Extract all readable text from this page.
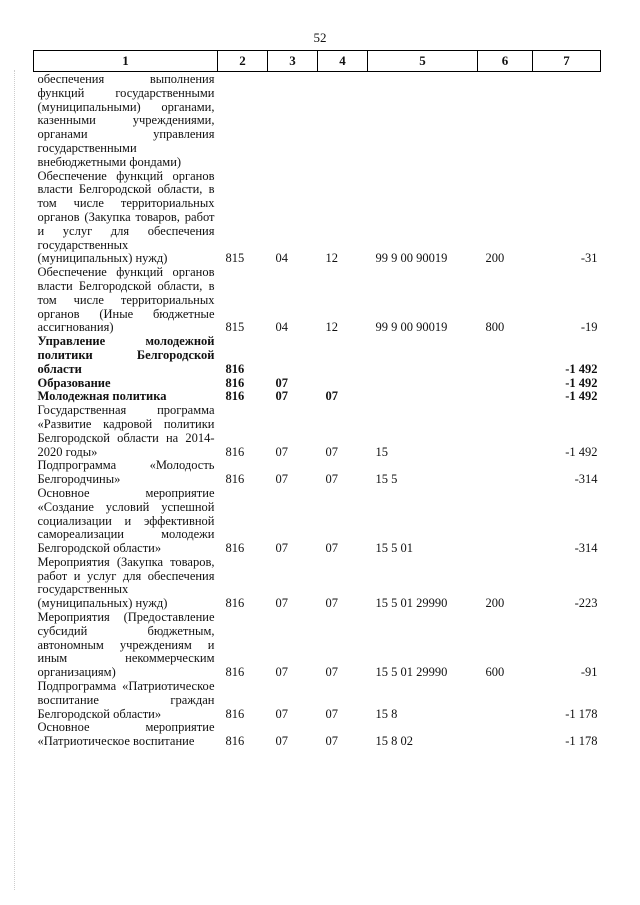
52
1	2	3	4	5	6	7
обеспечения выполнения функций государственными (муниципальными) органами, казенными учреждениями, органами управления государственными внебюджетными фондами)						
Обеспечение функций органов власти Белгородской области, в том числе территориальных органов (Закупка товаров, работ и услуг для обеспечения государственных (муниципальных) нужд)	815	04	12	99 9 00 90019	200	-31
Обеспечение функций органов власти Белгородской области, в том числе территориальных органов (Иные бюджетные ассигнования)	815	04	12	99 9 00 90019	800	-19
Управление молодежной политики Белгородской области	816					-1 492
Образование	816	07				-1 492
Молодежная политика	816	07	07			-1 492
Государственная программа «Развитие кадровой политики Белгородской области на 2014-2020 годы»	816	07	07	15		-1 492
Подпрограмма «Молодость Белгородчины»	816	07	07	15 5		-314
Основное мероприятие «Создание условий успешной социализации и эффективной самореализации молодежи Белгородской области»	816	07	07	15 5 01		-314
Мероприятия (Закупка товаров, работ и услуг для обеспечения государственных (муниципальных) нужд)	816	07	07	15 5 01 29990	200	-223
Мероприятия (Предоставление субсидий бюджетным, автономным учреждениям и иным некоммерческим организациям)	816	07	07	15 5 01 29990	600	-91
Подпрограмма «Патриотическое воспитание граждан Белгородской области»	816	07	07	15 8		-1 178
Основное мероприятие «Патриотическое воспитание	816	07	07	15 8 02		-1 178
